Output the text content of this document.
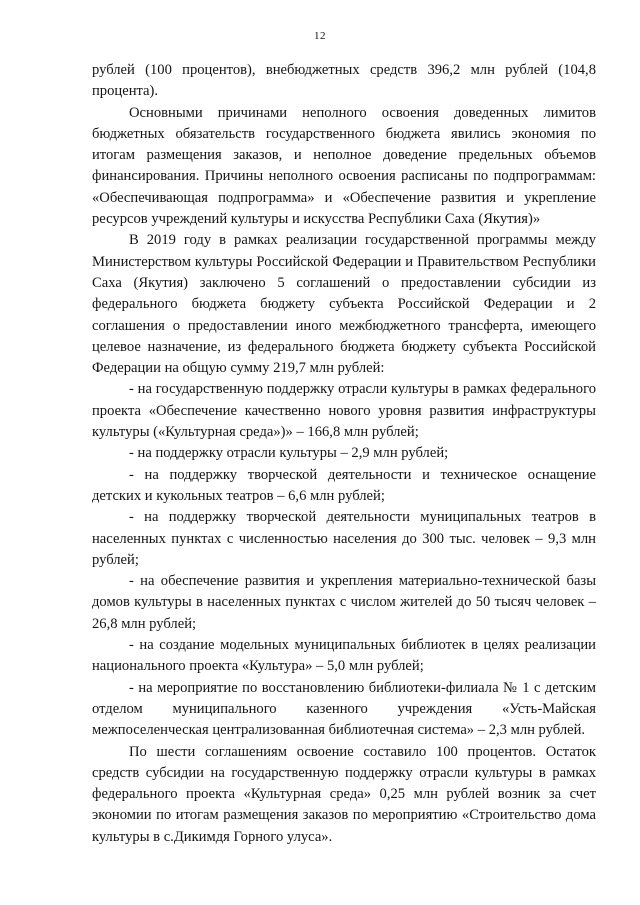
12

рублей (100 процентов), внебюджетных средств 396,2 млн рублей (104,8 процента).

Основными причинами неполного освоения доведенных лимитов бюджетных обязательств государственного бюджета явились экономия по итогам размещения заказов, и неполное доведение предельных объемов финансирования. Причины неполного освоения расписаны по подпрограммам: «Обеспечивающая подпрограмма» и «Обеспечение развития и укрепление ресурсов учреждений культуры и искусства Республики Саха (Якутия)»

В 2019 году в рамках реализации государственной программы между Министерством культуры Российской Федерации и Правительством Республики Саха (Якутия) заключено 5 соглашений о предоставлении субсидии из федерального бюджета бюджету субъекта Российской Федерации и 2 соглашения о предоставлении иного межбюджетного трансферта, имеющего целевое назначение, из федерального бюджета бюджету субъекта Российской Федерации на общую сумму 219,7 млн рублей:

- на государственную поддержку отрасли культуры в рамках федерального проекта «Обеспечение качественно нового уровня развития инфраструктуры культуры («Культурная среда»)» – 166,8 млн рублей;

- на поддержку отрасли культуры – 2,9 млн рублей;

- на поддержку творческой деятельности и техническое оснащение детских и кукольных театров – 6,6 млн рублей;

- на поддержку творческой деятельности муниципальных театров в населенных пунктах с численностью населения до 300 тыс. человек – 9,3 млн рублей;

- на обеспечение развития и укрепления материально-технической базы домов культуры в населенных пунктах с числом жителей до 50 тысяч человек – 26,8 млн рублей;

- на создание модельных муниципальных библиотек в целях реализации национального проекта «Культура» – 5,0 млн рублей;

- на мероприятие по восстановлению библиотеки-филиала № 1 с детским отделом муниципального казенного учреждения «Усть-Майская межпоселенческая централизованная библиотечная система» – 2,3 млн рублей.

По шести соглашениям освоение составило 100 процентов. Остаток средств субсидии на государственную поддержку отрасли культуры в рамках федерального проекта «Культурная среда» 0,25 млн рублей возник за счет экономии по итогам размещения заказов по мероприятию «Строительство дома культуры в с.Дикимдя Горного улуса».
